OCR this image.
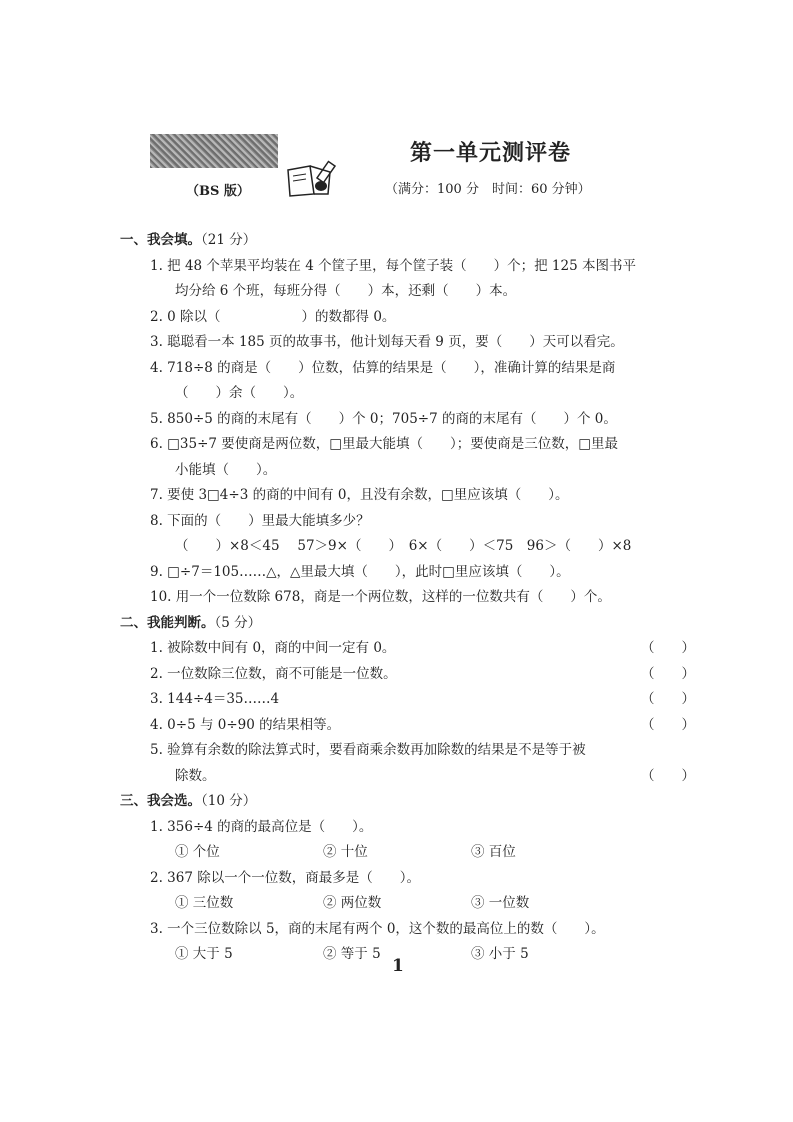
（BS 版）
第一单元测评卷
（满分：100 分　时间：60 分钟）
一、我会填。（21 分）
1. 把 48 个苹果平均装在 4 个筐子里，每个筐子装（　　）个；把 125 本图书平
均分给 6 个班，每班分得（　　）本，还剩（　　）本。
2. 0 除以（　　　　　　）的数都得 0。
3. 聪聪看一本 185 页的故事书，他计划每天看 9 页，要（　　）天可以看完。
4. 718÷8 的商是（　　）位数，估算的结果是（　　），准确计算的结果是商
（　　）余（　　）。
5. 850÷5 的商的末尾有（　　）个 0；705÷7 的商的末尾有（　　）个 0。
6. □35÷7 要使商是两位数，□里最大能填（　　）；要使商是三位数，□里最
小能填（　　）。
7. 要使 3□4÷3 的商的中间有 0，且没有余数，□里应该填（　　）。
8. 下面的（　　）里最大能填多少？
（　　）×8＜45　 57＞9×（　　）　6×（　　）＜75　96＞（　　）×8
9. □÷7＝105……△，△里最大填（　　），此时□里应该填（　　）。
10. 用一个一位数除 678，商是一个两位数，这样的一位数共有（　　）个。
二、我能判断。（5 分）
1. 被除数中间有 0，商的中间一定有 0。	（　　）
2. 一位数除三位数，商不可能是一位数。	（　　）
3. 144÷4＝35……4	（　　）
4. 0÷5 与 0÷90 的结果相等。	（　　）
5. 验算有余数的除法算式时，要看商乘余数再加除数的结果是不是等于被
除数。	（　　）
三、我会选。（10 分）
1. 356÷4 的商的最高位是（　　）。
① 个位	② 十位	③ 百位
2. 367 除以一个一位数，商最多是（　　）。
① 三位数	② 两位数	③ 一位数
3. 一个三位数除以 5，商的末尾有两个 0，这个数的最高位上的数（　　）。
① 大于 5	② 等于 5	③ 小于 5
1
